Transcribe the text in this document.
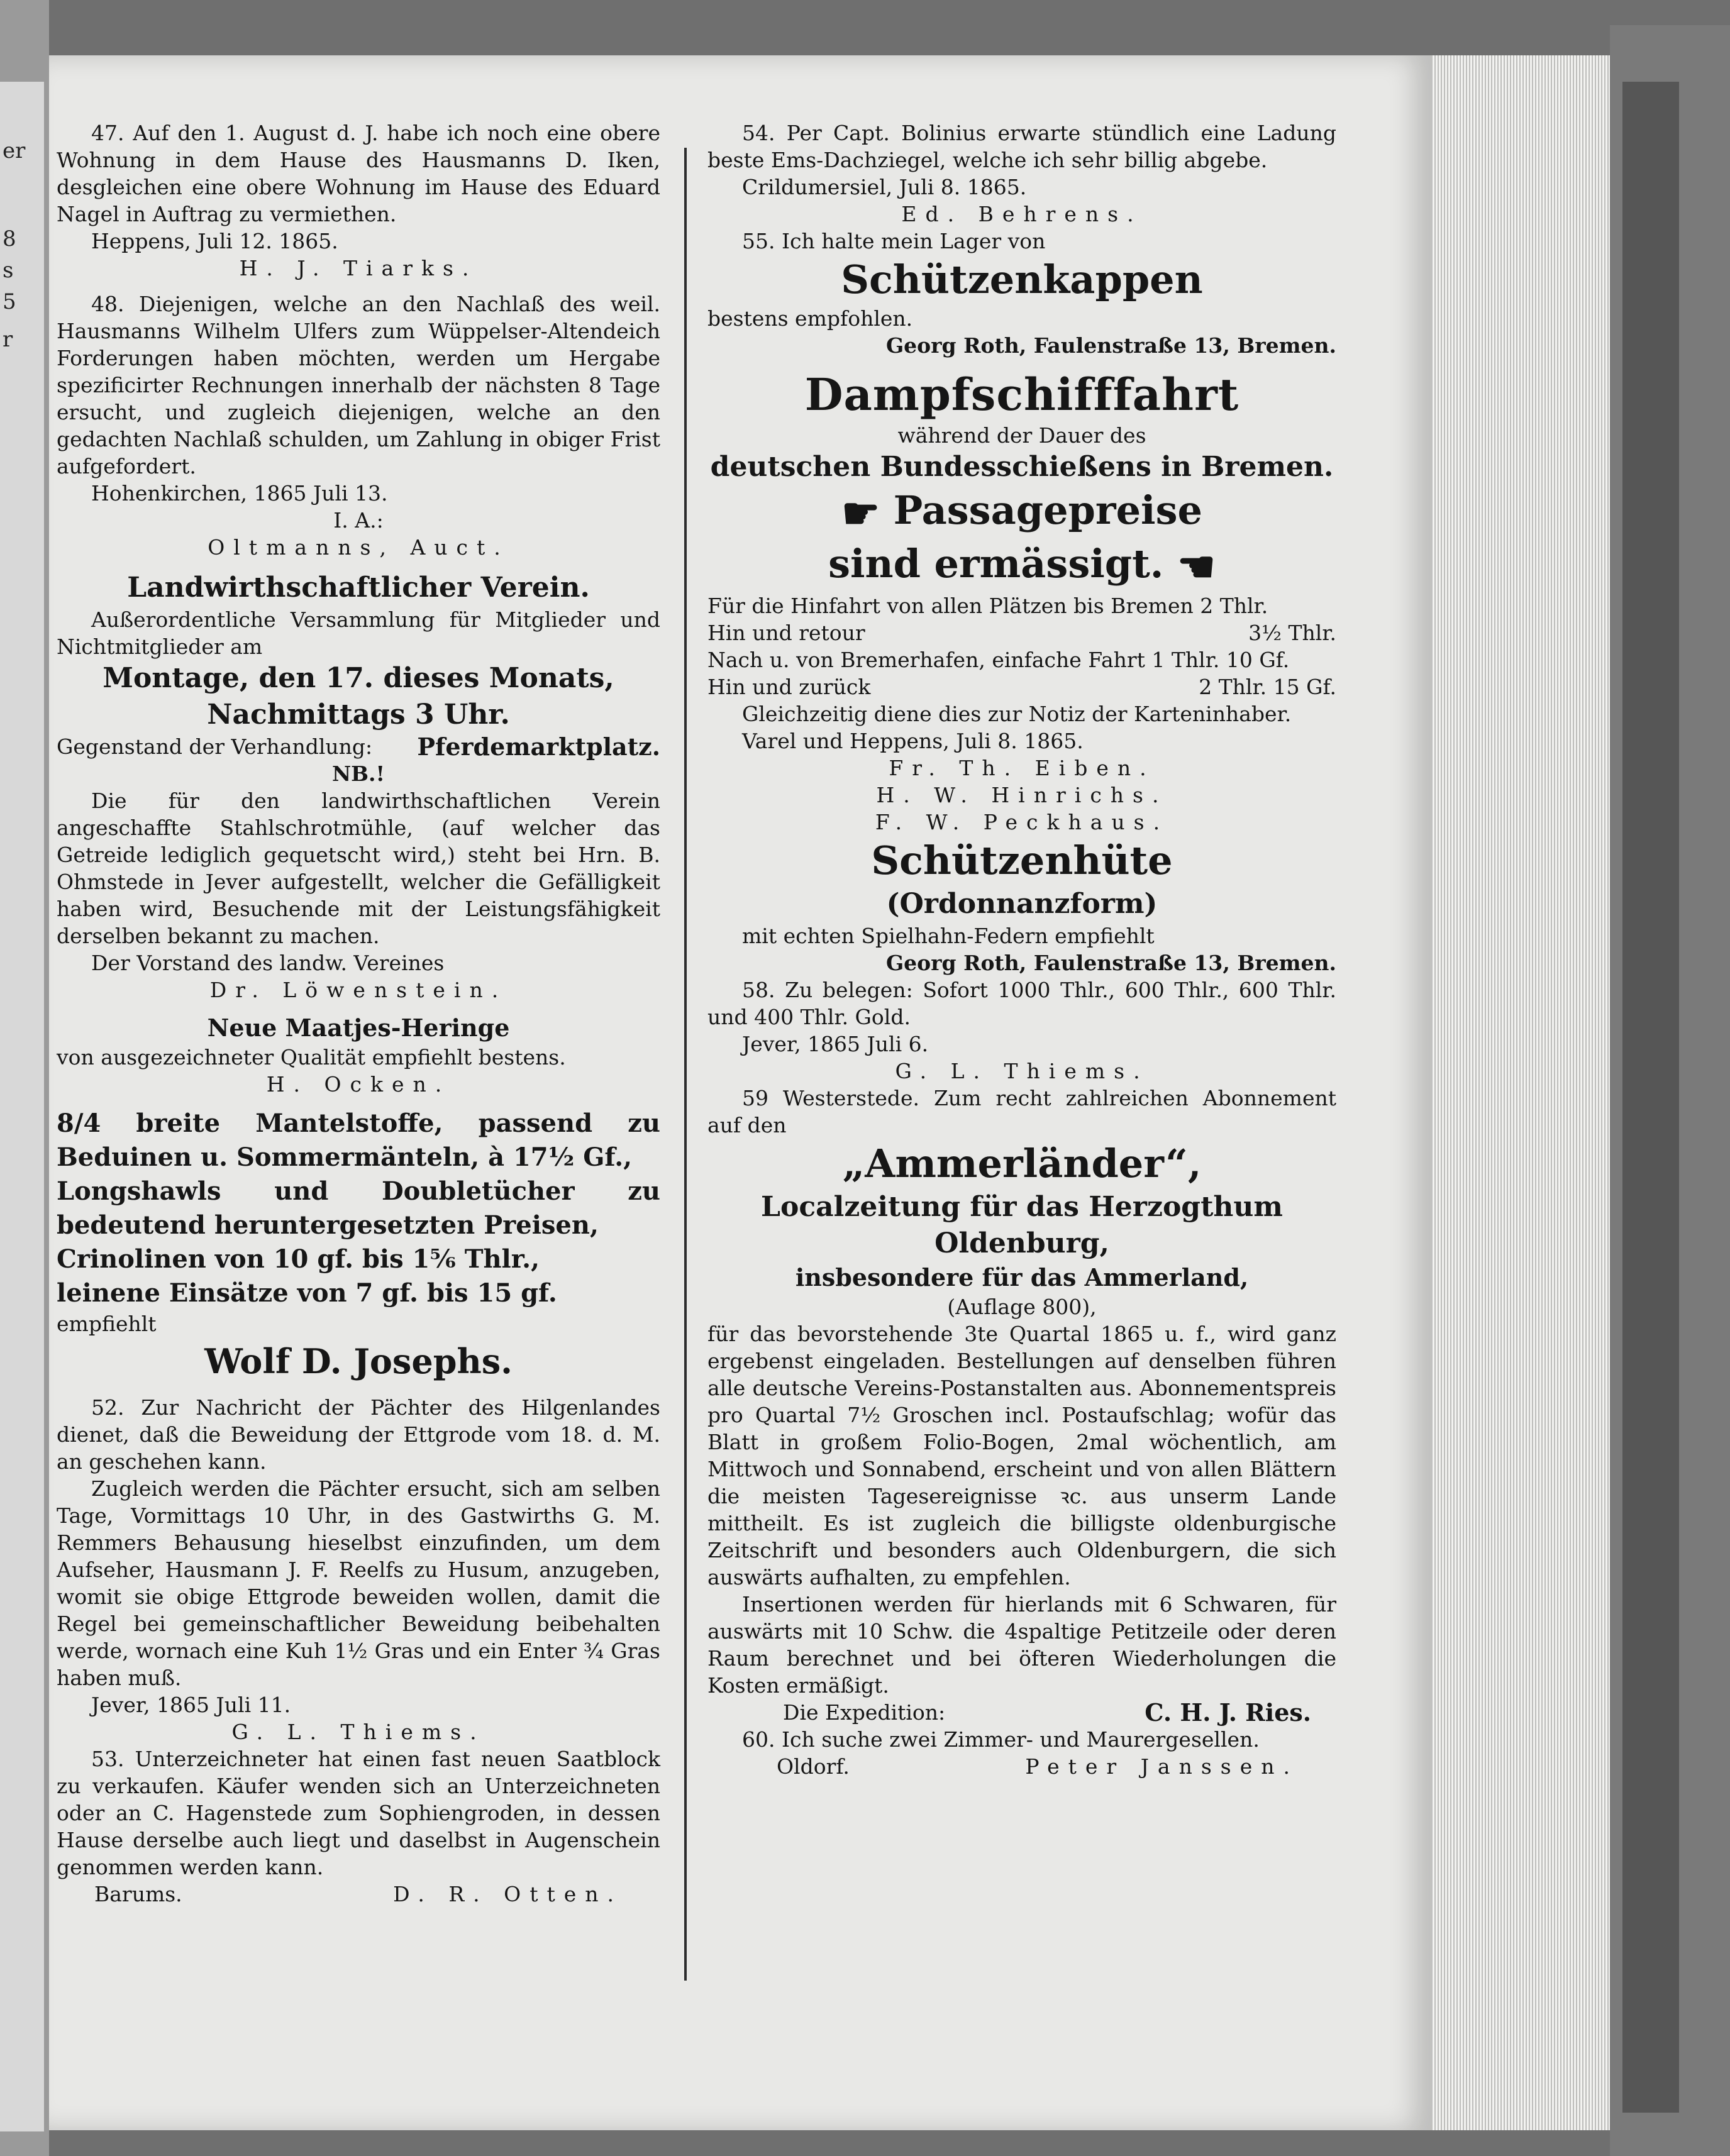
er
8
s
5
r

47. Auf den 1. August d. J. habe ich noch eine obere Wohnung in dem Hause des Hausmanns D. Iken, desgleichen eine obere Wohnung im Hause des Eduard Nagel in Auftrag zu vermiethen.

Heppens, Juli 12. 1865.

H. J. Tiarks.

48. Diejenigen, welche an den Nachlaß des weil. Hausmanns Wilhelm Ulfers zum Wüppelser-Altendeich Forderungen haben möchten, werden um Hergabe spezificirter Rechnungen innerhalb der nächsten 8 Tage ersucht, und zugleich diejenigen, welche an den gedachten Nachlaß schulden, um Zahlung in obiger Frist aufgefordert.

Hohenkirchen, 1865 Juli 13.

I. A.:

Oltmanns, Auct.
Landwirthschaftlicher Verein.

Außerordentliche Versammlung für Mitglieder und Nichtmitglieder am

Montage, den 17. dieses Monats,
Nachmittags 3 Uhr.
Gegenstand der Verhandlung: Pferdemarktplatz.

NB.!

Die für den landwirthschaftlichen Verein angeschaffte Stahlschrotmühle, (auf welcher das Getreide lediglich gequetscht wird,) steht bei Hrn. B. Ohmstede in Jever aufgestellt, welcher die Gefälligkeit haben wird, Besuchende mit der Leistungsfähigkeit derselben bekannt zu machen.

Der Vorstand des landw. Vereines

Dr. Löwenstein.
Neue Maatjes-Heringe

von ausgezeichneter Qualität empfiehlt bestens.

H. Ocken.

8/4 breite Mantelstoffe, passend zu Beduinen u. Sommermänteln, à 17½ Gf.,

Longshawls und Doubletücher zu bedeutend heruntergesetzten Preisen,

Crinolinen von 10 gf. bis 1⅚ Thlr.,

leinene Einsätze von 7 gf. bis 15 gf.

empfiehlt

Wolf D. Josephs.

52. Zur Nachricht der Pächter des Hilgenlandes dienet, daß die Beweidung der Ettgrode vom 18. d. M. an geschehen kann.

Zugleich werden die Pächter ersucht, sich am selben Tage, Vormittags 10 Uhr, in des Gastwirths G. M. Remmers Behausung hieselbst einzufinden, um dem Aufseher, Hausmann J. F. Reelfs zu Husum, anzugeben, womit sie obige Ettgrode beweiden wollen, damit die Regel bei gemeinschaftlicher Beweidung beibehalten werde, wornach eine Kuh 1½ Gras und ein Enter ¾ Gras haben muß.

Jever, 1865 Juli 11.

G. L. Thiems.

53. Unterzeichneter hat einen fast neuen Saatblock zu verkaufen. Käufer wenden sich an Unterzeichneten oder an C. Hagenstede zum Sophiengroden, in dessen Hause derselbe auch liegt und daselbst in Augenschein genommen werden kann.

Barums.	D. R. Otten.

54. Per Capt. Bolinius erwarte stündlich eine Ladung beste Ems-Dachziegel, welche ich sehr billig abgebe.

Crildumersiel, Juli 8. 1865.

Ed. Behrens.

55. Ich halte mein Lager von

Schützenkappen

bestens empfohlen.

Georg Roth, Faulenstraße 13, Bremen.

Dampfschifffahrt

während der Dauer des

deutschen Bundesschießens in Bremen.
☛ Passagepreise
sind ermässigt. ☚

Für die Hinfahrt von allen Plätzen bis Bremen 2 Thlr.

Hin und retour	3½ Thlr.

Nach u. von Bremerhafen, einfache Fahrt 1 Thlr. 10 Gf.

Hin und zurück	2 Thlr. 15 Gf.

Gleichzeitig diene dies zur Notiz der Karteninhaber.

Varel und Heppens, Juli 8. 1865.

Fr. Th. Eiben.
H. W. Hinrichs.
F. W. Peckhaus.
Schützenhüte
(Ordonnanzform)

mit echten Spielhahn-Federn empfiehlt

Georg Roth, Faulenstraße 13, Bremen.

58. Zu belegen: Sofort 1000 Thlr., 600 Thlr., 600 Thlr. und 400 Thlr. Gold.

Jever, 1865 Juli 6.

G. L. Thiems.

59 Westerstede. Zum recht zahlreichen Abonnement auf den

„Ammerländer“,
Localzeitung für das Herzogthum
Oldenburg,
insbesondere für das Ammerland,

(Auflage 800),

für das bevorstehende 3te Quartal 1865 u. f., wird ganz ergebenst eingeladen. Bestellungen auf denselben führen alle deutsche Vereins-Postanstalten aus. Abonnementspreis pro Quartal 7½ Groschen incl. Postaufschlag; wofür das Blatt in großem Folio-Bogen, 2mal wöchentlich, am Mittwoch und Sonnabend, erscheint und von allen Blättern die meisten Tagesereignisse ꝛc. aus unserm Lande mittheilt. Es ist zugleich die billigste oldenburgische Zeitschrift und besonders auch Oldenburgern, die sich auswärts aufhalten, zu empfehlen.

Insertionen werden für hierlands mit 6 Schwaren, für auswärts mit 10 Schw. die 4spaltige Petitzeile oder deren Raum berechnet und bei öfteren Wiederholungen die Kosten ermäßigt.

Die Expedition:	C. H. J. Ries.

60. Ich suche zwei Zimmer- und Maurergesellen.

Oldorf.	Peter Janssen.
